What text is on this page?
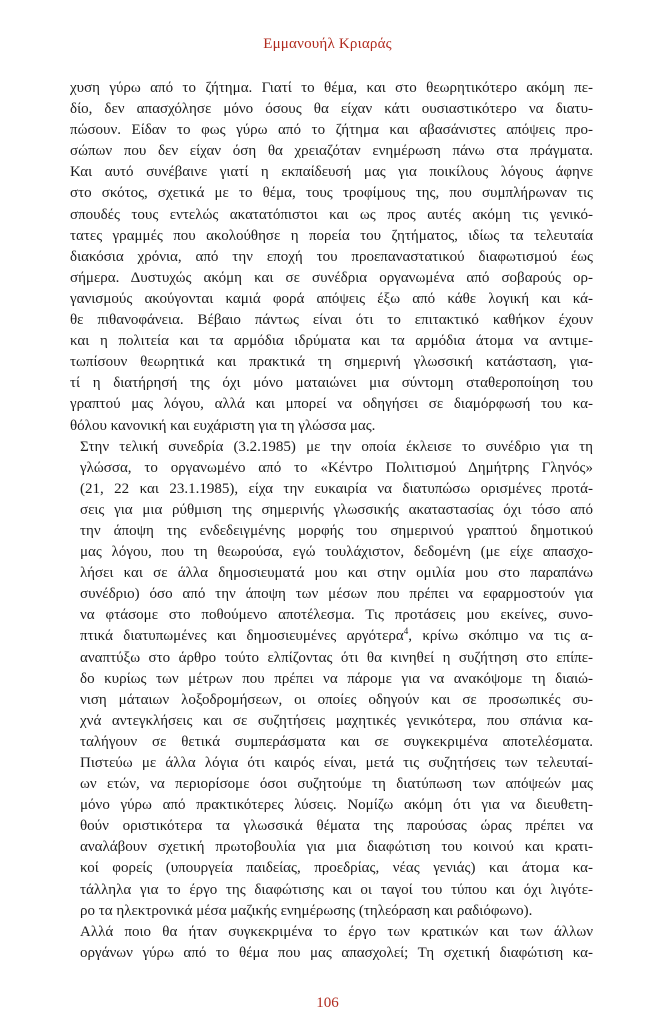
Εμμανουήλ Κριαράς

χυση γύρω από το ζήτημα. Γιατί το θέμα, και στο θεωρητικότερο ακόμη πε-
δίο, δεν απασχόλησε μόνο όσους θα είχαν κάτι ουσιαστικότερο να διατυ-
πώσουν. Είδαν το φως γύρω από το ζήτημα και αβασάνιστες απόψεις προ-
σώπων που δεν είχαν όση θα χρειαζόταν ενημέρωση πάνω στα πράγματα.
Και αυτό συνέβαινε γιατί η εκπαίδευσή μας για ποικίλους λόγους άφηνε
στο σκότος, σχετικά με το θέμα, τους τροφίμους της, που συμπλήρωναν τις
σπουδές τους εντελώς ακατατόπιστοι και ως προς αυτές ακόμη τις γενικό-
τατες γραμμές που ακολούθησε η πορεία του ζητήματος, ιδίως τα τελευταία
διακόσια χρόνια, από την εποχή του προεπαναστατικού διαφωτισμού έως
σήμερα. Δυστυχώς ακόμη και σε συνέδρια οργανωμένα από σοβαρούς ορ-
γανισμούς ακούγονται καμιά φορά απόψεις έξω από κάθε λογική και κά-
θε πιθανοφάνεια. Βέβαιο πάντως είναι ότι το επιτακτικό καθήκον έχουν
και η πολιτεία και τα αρμόδια ιδρύματα και τα αρμόδια άτομα να αντιμε-
τωπίσουν θεωρητικά και πρακτικά τη σημερινή γλωσσική κατάσταση, για-
τί η διατήρησή της όχι μόνο ματαιώνει μια σύντομη σταθεροποίηση του
γραπτού μας λόγου, αλλά και μπορεί να οδηγήσει σε διαμόρφωσή του κα-
θόλου κανονική και ευχάριστη για τη γλώσσα μας.

Στην τελική συνεδρία (3.2.1985) με την οποία έκλεισε το συνέδριο για τη
γλώσσα, το οργανωμένο από το «Κέντρο Πολιτισμού Δημήτρης Γληνός»
(21, 22 και 23.1.1985), είχα την ευκαιρία να διατυπώσω ορισμένες προτά-
σεις για μια ρύθμιση της σημερινής γλωσσικής ακαταστασίας όχι τόσο από
την άποψη της ενδεδειγμένης μορφής του σημερινού γραπτού δημοτικού
μας λόγου, που τη θεωρούσα, εγώ τουλάχιστον, δεδομένη (με είχε απασχο-
λήσει και σε άλλα δημοσιευματά μου και στην ομιλία μου στο παραπάνω
συνέδριο) όσο από την άποψη των μέσων που πρέπει να εφαρμοστούν για
να φτάσομε στο ποθούμενο αποτέλεσμα. Τις προτάσεις μου εκείνες, συνο-
πτικά διατυπωμένες και δημοσιευμένες αργότερα$^4$, κρίνω σκόπιμο να τις α-
αναπτύξω στο άρθρο τούτο ελπίζοντας ότι θα κινηθεί η συζήτηση στο επίπε-
δο κυρίως των μέτρων που πρέπει να πάρομε για να ανακόψομε τη διαιώ-
νιση μάταιων λοξοδρομήσεων, οι οποίες οδηγούν και σε προσωπικές συ-
χνά αντεγκλήσεις και σε συζητήσεις μαχητικές γενικότερα, που σπάνια κα-
ταλήγουν σε θετικά συμπεράσματα και σε συγκεκριμένα αποτελέσματα.
Πιστεύω με άλλα λόγια ότι καιρός είναι, μετά τις συζητήσεις των τελευταί-
ων ετών, να περιορίσομε όσοι συζητούμε τη διατύπωση των απόψεών μας
μόνο γύρω από πρακτικότερες λύσεις. Νομίζω ακόμη ότι για να διευθετη-
θούν οριστικότερα τα γλωσσικά θέματα της παρούσας ώρας πρέπει να
αναλάβουν σχετική πρωτοβουλία για μια διαφώτιση του κοινού και κρατι-
κοί φορείς (υπουργεία παιδείας, προεδρίας, νέας γενιάς) και άτομα κα-
τάλληλα για το έργο της διαφώτισης και οι ταγοί του τύπου και όχι λιγότε-
ρο τα ηλεκτρονικά μέσα μαζικής ενημέρωσης (τηλεόραση και ραδιόφωνο).

Αλλά ποιο θα ήταν συγκεκριμένα το έργο των κρατικών και των άλλων
οργάνων γύρω από το θέμα που μας απασχολεί; Τη σχετική διαφώτιση κα-

106
